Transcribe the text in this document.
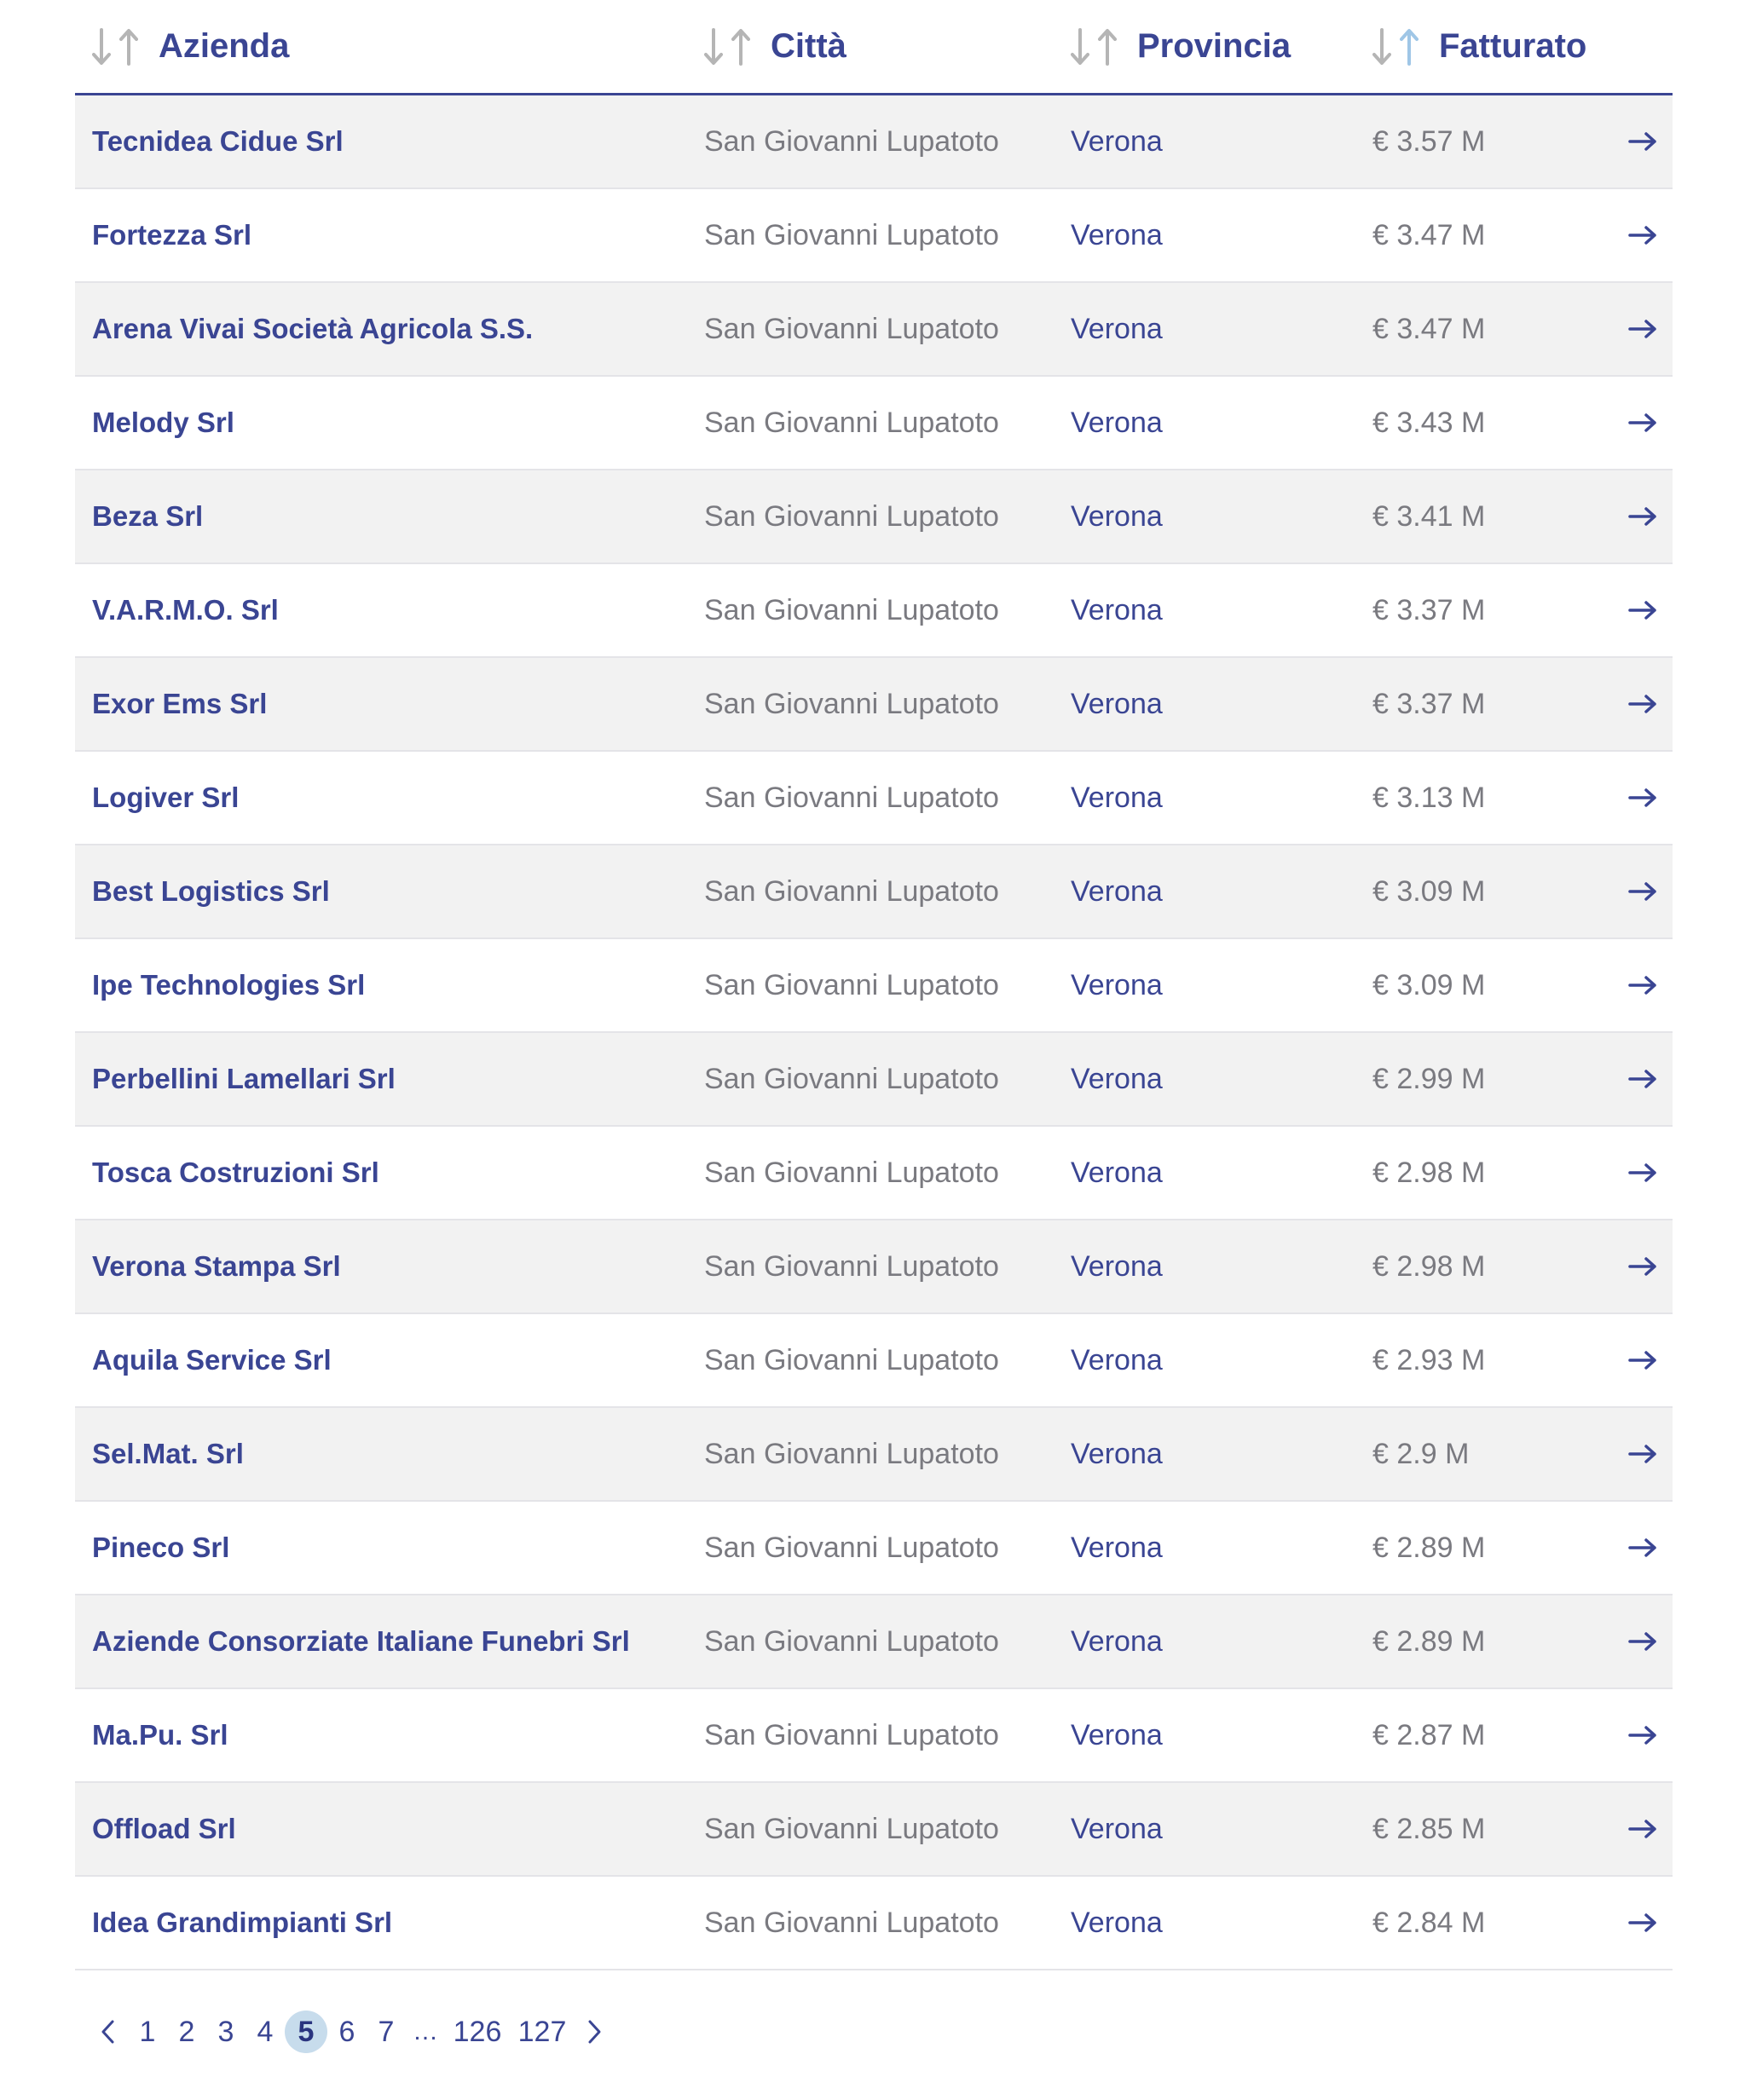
Azienda	Città	Provincia	Fatturato
Tecnidea Cidue Srl	San Giovanni Lupatoto	Verona	€ 3.57 M
Fortezza Srl	San Giovanni Lupatoto	Verona	€ 3.47 M
Arena Vivai Società Agricola S.S.	San Giovanni Lupatoto	Verona	€ 3.47 M
Melody Srl	San Giovanni Lupatoto	Verona	€ 3.43 M
Beza Srl	San Giovanni Lupatoto	Verona	€ 3.41 M
V.A.R.M.O. Srl	San Giovanni Lupatoto	Verona	€ 3.37 M
Exor Ems Srl	San Giovanni Lupatoto	Verona	€ 3.37 M
Logiver Srl	San Giovanni Lupatoto	Verona	€ 3.13 M
Best Logistics Srl	San Giovanni Lupatoto	Verona	€ 3.09 M
Ipe Technologies Srl	San Giovanni Lupatoto	Verona	€ 3.09 M
Perbellini Lamellari Srl	San Giovanni Lupatoto	Verona	€ 2.99 M
Tosca Costruzioni Srl	San Giovanni Lupatoto	Verona	€ 2.98 M
Verona Stampa Srl	San Giovanni Lupatoto	Verona	€ 2.98 M
Aquila Service Srl	San Giovanni Lupatoto	Verona	€ 2.93 M
Sel.Mat. Srl	San Giovanni Lupatoto	Verona	€ 2.9 M
Pineco Srl	San Giovanni Lupatoto	Verona	€ 2.89 M
Aziende Consorziate Italiane Funebri Srl	San Giovanni Lupatoto	Verona	€ 2.89 M
Ma.Pu. Srl	San Giovanni Lupatoto	Verona	€ 2.87 M
Offload Srl	San Giovanni Lupatoto	Verona	€ 2.85 M
Idea Grandimpianti Srl	San Giovanni Lupatoto	Verona	€ 2.84 M
1 2 3 4 5 6 7 … 126 127
